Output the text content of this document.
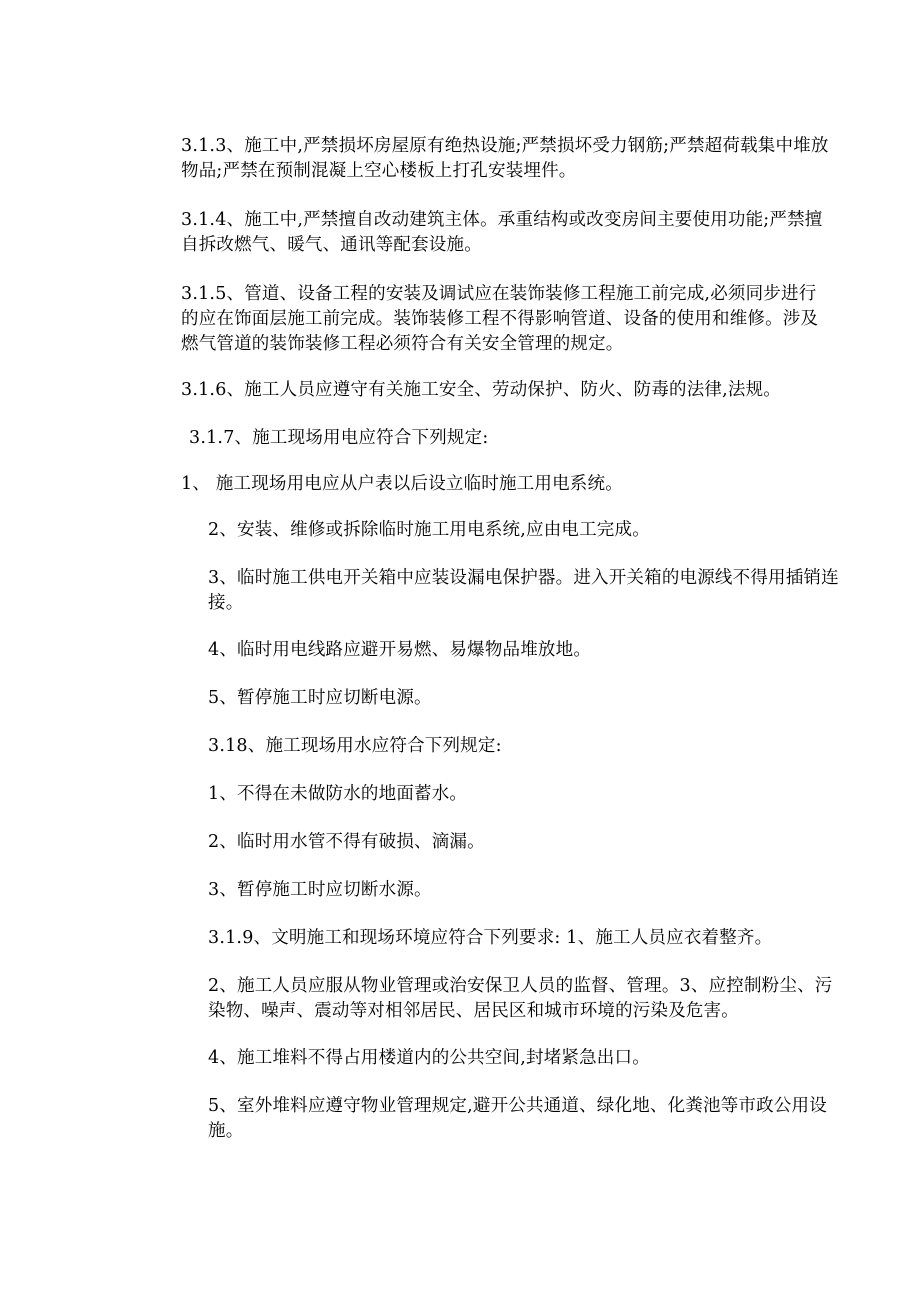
3.1.3、施工中,严禁损坏房屋原有绝热设施;严禁损坏受力钢筋;严禁超荷载集中堆放物品;严禁在预制混凝上空心楼板上打孔安装埋件。

3.1.4、施工中,严禁擅自改动建筑主体。承重结构或改变房间主要使用功能;严禁擅自拆改燃气、暖气、通讯等配套设施。

3.1.5、管道、设备工程的安装及调试应在装饰装修工程施工前完成,必须同步进行的应在饰面层施工前完成。装饰装修工程不得影响管道、设备的使用和维修。涉及燃气管道的装饰装修工程必须符合有关安全管理的规定。

3.1.6、施工人员应遵守有关施工安全、劳动保护、防火、防毒的法律,法规。

3.1.7、施工现场用电应符合下列规定:

1、 施工现场用电应从户表以后设立临时施工用电系统。

2、安装、维修或拆除临时施工用电系统,应由电工完成。

3、临时施工供电开关箱中应装设漏电保护器。进入开关箱的电源线不得用插销连接。

4、临时用电线路应避开易燃、易爆物品堆放地。

5、暂停施工时应切断电源。

3.18、施工现场用水应符合下列规定:

1、不得在未做防水的地面蓄水。

2、临时用水管不得有破损、滴漏。

3、暂停施工时应切断水源。

3.1.9、文明施工和现场环境应符合下列要求: 1、施工人员应衣着整齐。

2、施工人员应服从物业管理或治安保卫人员的监督、管理。3、应控制粉尘、污染物、噪声、震动等对相邻居民、居民区和城市环境的污染及危害。

4、施工堆料不得占用楼道内的公共空间,封堵紧急出口。

5、室外堆料应遵守物业管理规定,避开公共通道、绿化地、化粪池等市政公用设施。
